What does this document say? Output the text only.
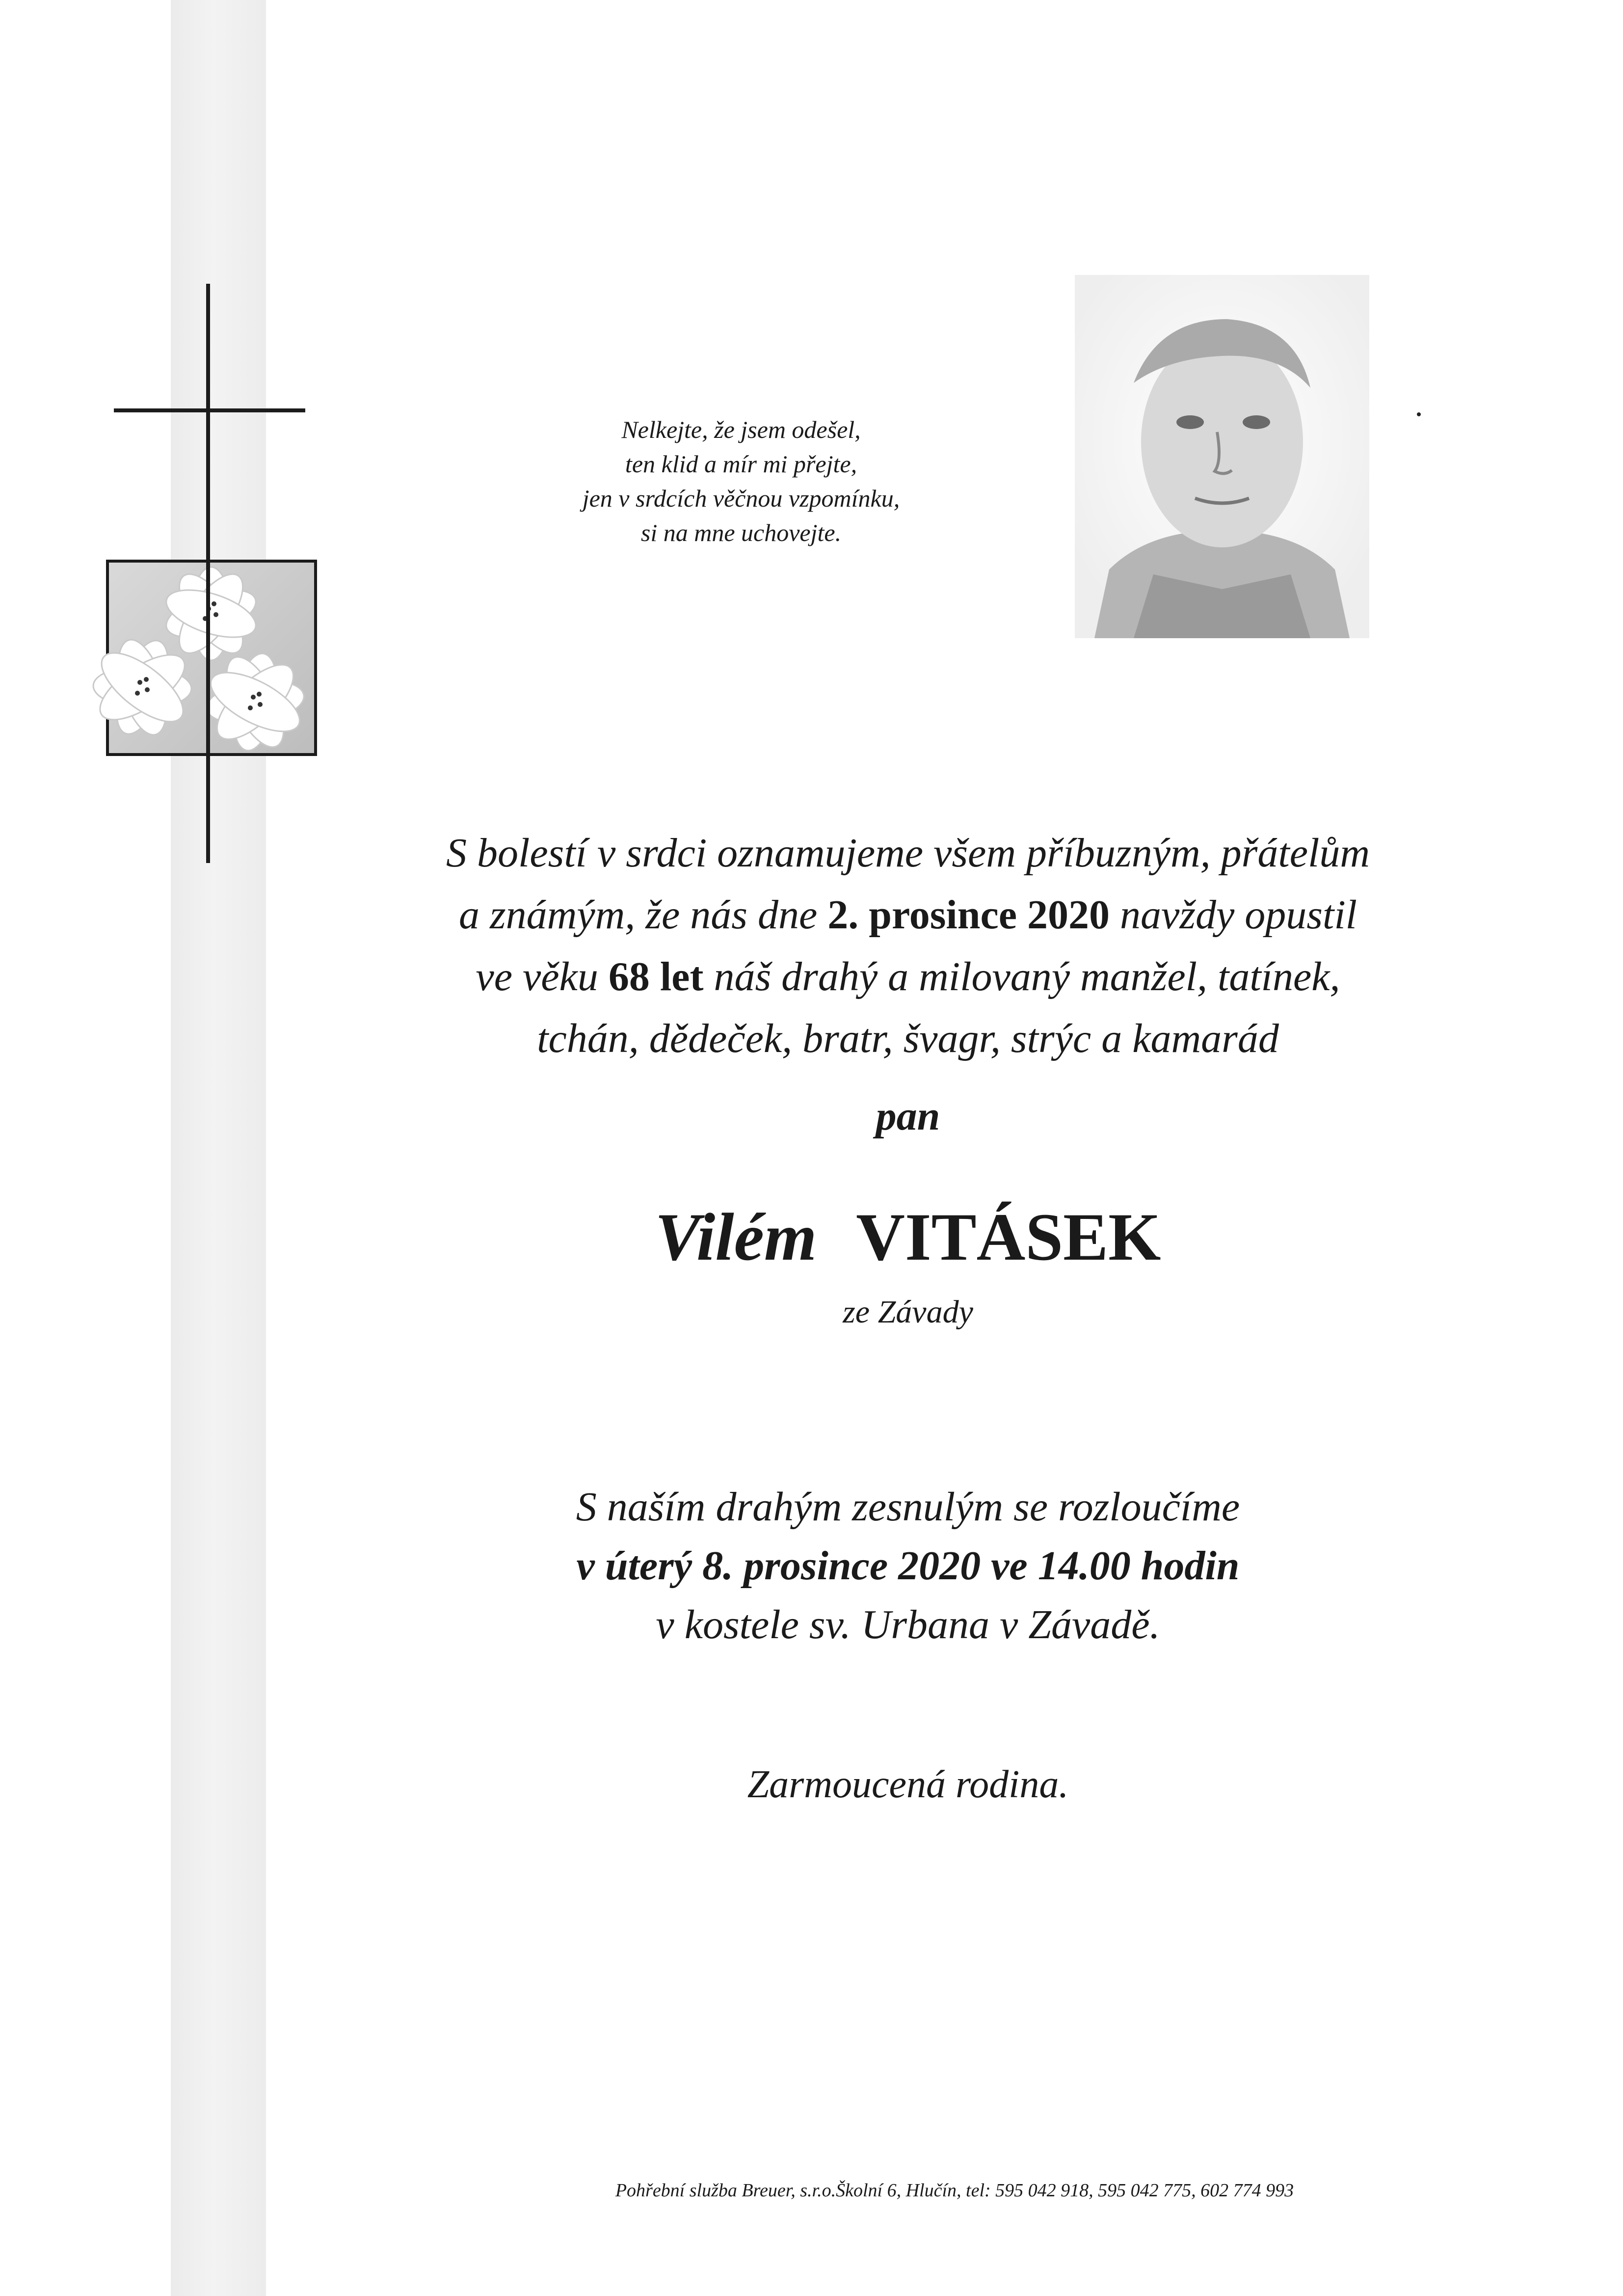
Nelkejte, že jsem odešel,
ten klid a mír mi přejte,
jen v srdcích věčnou vzpomínku,
si na mne uchovejte.
S bolestí v srdci oznamujeme všem příbuzným, přátelům
a známým, že nás dne 2. prosince 2020 navždy opustil
ve věku 68 let náš drahý a milovaný manžel, tatínek,
tchán, dědeček, bratr, švagr, strýc a kamarád
pan
Vilém VITÁSEK
ze Závady
S naším drahým zesnulým se rozloučíme
v úterý 8. prosince 2020 ve 14.00 hodin
v kostele sv. Urbana v Závadě.
Zarmoucená rodina.
Pohřební služba Breuer, s.r.o.Školní 6, Hlučín, tel: 595 042 918, 595 042 775, 602 774 993
